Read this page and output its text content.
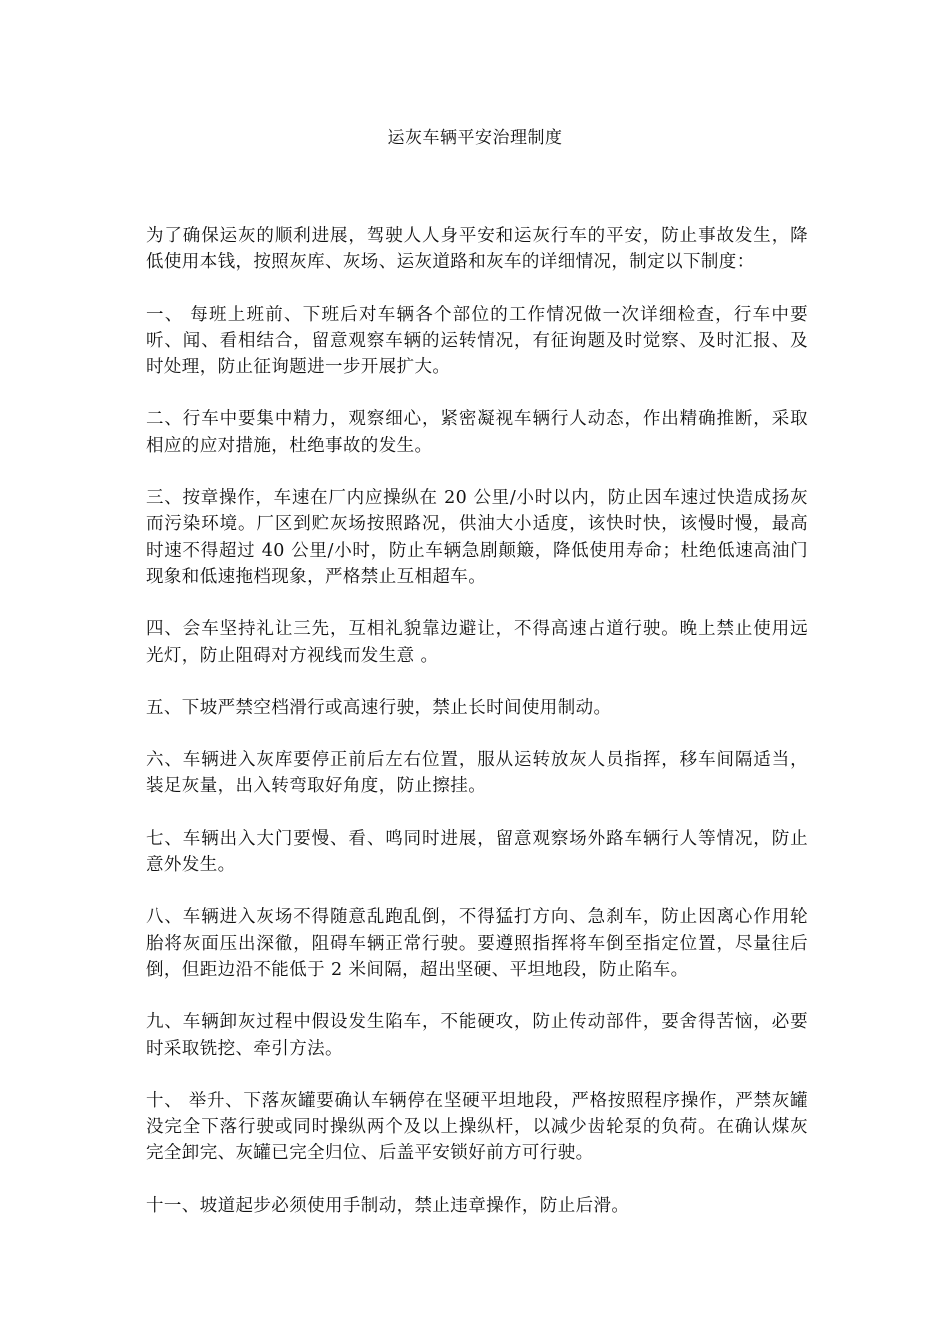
运灰车辆平安治理制度

为了确保运灰的顺利进展，驾驶人人身平安和运灰行车的平安，防止事故发生，降低使用本钱，按照灰库、灰场、运灰道路和灰车的详细情况，制定以下制度：

一、 每班上班前、下班后对车辆各个部位的工作情况做一次详细检查，行车中要听、闻、看相结合，留意观察车辆的运转情况，有征询题及时觉察、及时汇报、及时处理，防止征询题进一步开展扩大。

二、行车中要集中精力，观察细心，紧密凝视车辆行人动态，作出精确推断，采取相应的应对措施，杜绝事故的发生。

三、按章操作，车速在厂内应操纵在 20 公里/小时以内，防止因车速过快造成扬灰而污染环境。厂区到贮灰场按照路况，供油大小适度，该快时快，该慢时慢，最高时速不得超过 40 公里/小时，防止车辆急剧颠簸，降低使用寿命；杜绝低速高油门现象和低速拖档现象，严格禁止互相超车。

四、会车坚持礼让三先，互相礼貌靠边避让，不得高速占道行驶。晚上禁止使用远光灯，防止阻碍对方视线而发生意 。

五、下坡严禁空档滑行或高速行驶，禁止长时间使用制动。

六、车辆进入灰库要停正前后左右位置，服从运转放灰人员指挥，移车间隔适当，装足灰量，出入转弯取好角度，防止擦挂。

七、车辆出入大门要慢、看、鸣同时进展，留意观察场外路车辆行人等情况，防止意外发生。

八、车辆进入灰场不得随意乱跑乱倒，不得猛打方向、急刹车，防止因离心作用轮胎将灰面压出深徹，阻碍车辆正常行驶。要遵照指挥将车倒至指定位置，尽量往后倒，但距边沿不能低于 2 米间隔，超出坚硬、平坦地段，防止陷车。

九、车辆卸灰过程中假设发生陷车，不能硬攻，防止传动部件，要舍得苦恼，必要时采取铣挖、牵引方法。

十、 举升、下落灰罐要确认车辆停在坚硬平坦地段，严格按照程序操作，严禁灰罐没完全下落行驶或同时操纵两个及以上操纵杆，以减少齿轮泵的负荷。在确认煤灰完全卸完、灰罐已完全归位、后盖平安锁好前方可行驶。

十一、坡道起步必须使用手制动，禁止违章操作，防止后滑。
